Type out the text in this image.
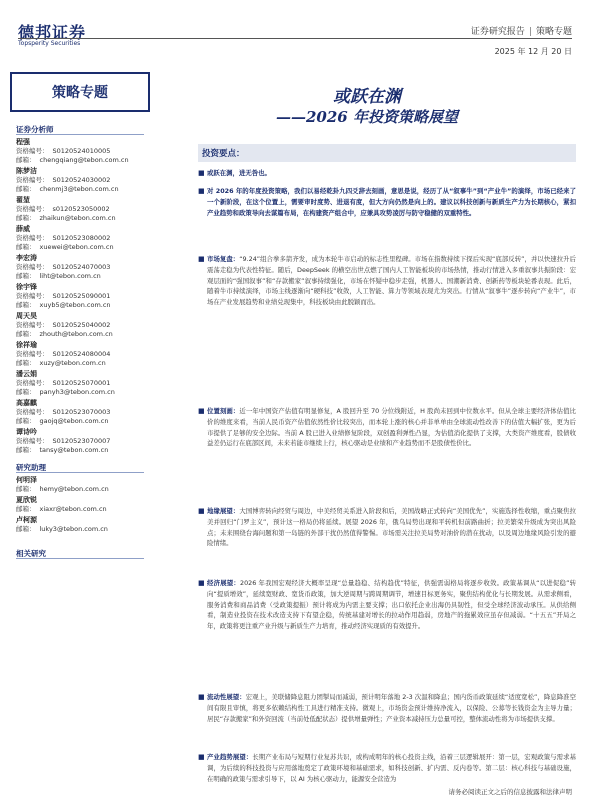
德邦证券
Topsperity Securities
证券研究报告 | 策略专题
2025 年 12 月 20 日
策略专题
证券分析师
程强
资格编号： S0120524010005
邮箱： chengqiang@tebon.com.cn
陈梦洁
资格编号： S0120524030002
邮箱： chenmj3@tebon.com.cn
翟堃
资格编号： s0120523050002
邮箱： zhaikun@tebon.com.cn
薛威
资格编号： S0120523080002
邮箱： xuewei@tebon.com.cn
李宏涛
资格编号： S0120524070003
邮箱： liht@tebon.com.cn
徐宇锋
资格编号： S0120525090001
邮箱： xuyb5@tebon.com.cn
周天昊
资格编号： S0120525040002
邮箱： zhouth@tebon.com.cn
徐祥瑜
资格编号： S0120524080004
邮箱： xuzy@tebon.com.cn
潘云娟
资格编号： S0120525070001
邮箱： panyh3@tebon.com.cn
高嘉麒
资格编号： S0120523070003
邮箱： gaojq@tebon.com.cn
谭诗吟
资格编号： S0120523070007
邮箱： tansy@tebon.com.cn
研究助理
何明泽
邮箱： hemy@tebon.com.cn
夏欣锐
邮箱： xiaxr@tebon.com.cn
卢柯源
邮箱： luky3@tebon.com.cn
相关研究
或跃在渊
——2026 年投资策略展望
投资要点：
■ 或跃在渊，进无咎也。
■ 对 2026 年的年度投资策略，我们以易经乾卦九四爻辞去刻画，意思是说，经历了从“叙事牛”到“产业牛”的演绎，市场已经来了一个新阶段，在这个位置上，需要审时度势、进退有度，但大方向仍然是向上的。建议以科技创新与新质生产力为长期核心，紧扣产业趋势和政策导向去谋篇布局，在构建资产组合中，应兼具攻势凌厉与防守稳健的双重特性。
■ 市场复盘：“9.24”组合拳多箭齐发，成为本轮牛市启动的标志性里程碑。市场在指数持续下探后实现“底部反转”，并以快速拉升后震荡走稳为代表性特征。随后，DeepSeek 的横空出世点燃了国内人工智能板块的市场热情，推动行情进入多重叙事共振阶段：宏观层面的“强国叙事”和“存款搬家”叙事持续强化，市场在怀疑中稳步走强，机器人、国潮新消费、创新药等板块轮番表现。此后，随着牛市持续演绎，市场主线逐渐向“硬科技”收敛，人工智能、算力等领域表现尤为突出。行情从“叙事牛”逐步转向“产业牛”，市场在产业发展趋势和业绩兑现集中，科技板块由此脱颖而出。
■ 位置刻画：近一年中国资产估值有明显修复，A 股回升至 70 分位线附近，H 股尚未回到中位数水平。但从全球主要经济体估值比价的维度来看，当前人民币资产估值依然性价比较突出，而本轮上涨的核心并非单单由全球流动性改善下的估值大幅扩张，更为后市提供了足够的安全边际。当前 A 股已进入业绩修复阶段，双创盈利弹性凸显，为估值消化提供了支撑，大类资产维度看，股债收益差仍运行在底部区间，未来若能市继续上行，核心驱动是业绩和产业趋势而不是股债性价比。
■ 地缘展望：大国博弈转向经贸与周边，中美经贸关系进入阶段和后，美国战略正式转向“美国优先”，实施选择性收缩，重点聚焦拉美并回归“门罗主义”，预计这一格局仍将延续。展望 2026 年，俄乌局势出现和平转机但前路曲折；拉美繁荣升级成为突出风险点；未来围绕台海问题和第一岛链的外部干扰仍然值得警惕。市场需关注拉美局势对油价的潜在扰动，以及周边地缘风险引发的避险情绪。
■ 经济展望：2026 年我国宏观经济大概率呈现“总量趋稳、结构趋优”特征，供强需弱格局将逐步收敛。政策基调从“以进促稳”转向“提质增效”，延续宽财政、宽货币政策，加大逆周期与跨周期调节，增速目标更务实，聚焦结构优化与长期发展。从需求侧看，服务消费和商品消费（受政策提振）预计将成为内需主要支撑；出口依托企业出海仍具韧性，但受全球经济波动承压。从供给侧看，制造业投资在技术改造支持下有望企稳，传统基建对增长的拉动作用趋弱，房地产的拖累效应虽存但减弱。“十五五”开局之年，政策将更注重产业升级与新质生产力培育，推动经济实现质的有效提升。
■ 流动性展望：宏观上，美联储降息阻力团掣局而减弱，预计明年落地 2-3 次温和降息；国内货币政策延续“适度宽松”，降息降准空间有限且审慎，将更多依赖结构性工具进行精准支持。微观上，市场资金预计维持净流入，以保险、公募等长钱资金为主导力量；居民“存款搬家”和外资回流（当前处低配状态）提供增量弹性；产业资本减持压力总量可控，整体流动性将为市场提供支撑。
■ 产业趋势展望：长期产业布局与短期行业复苏共识，或构成明年的核心投资主线，沿着三层逻辑展开：第一层，宏观政策与需求基调，为后续的科技投资与应用落地奠定了政策环境和基础需求，如科技创新、扩内需、反内卷等。第二层：核心科技与基础设施，在明确的政策与需求引导下，以 AI 为核心驱动力，能源安全营造为
请务必阅读正文之后的信息披露和法律声明
